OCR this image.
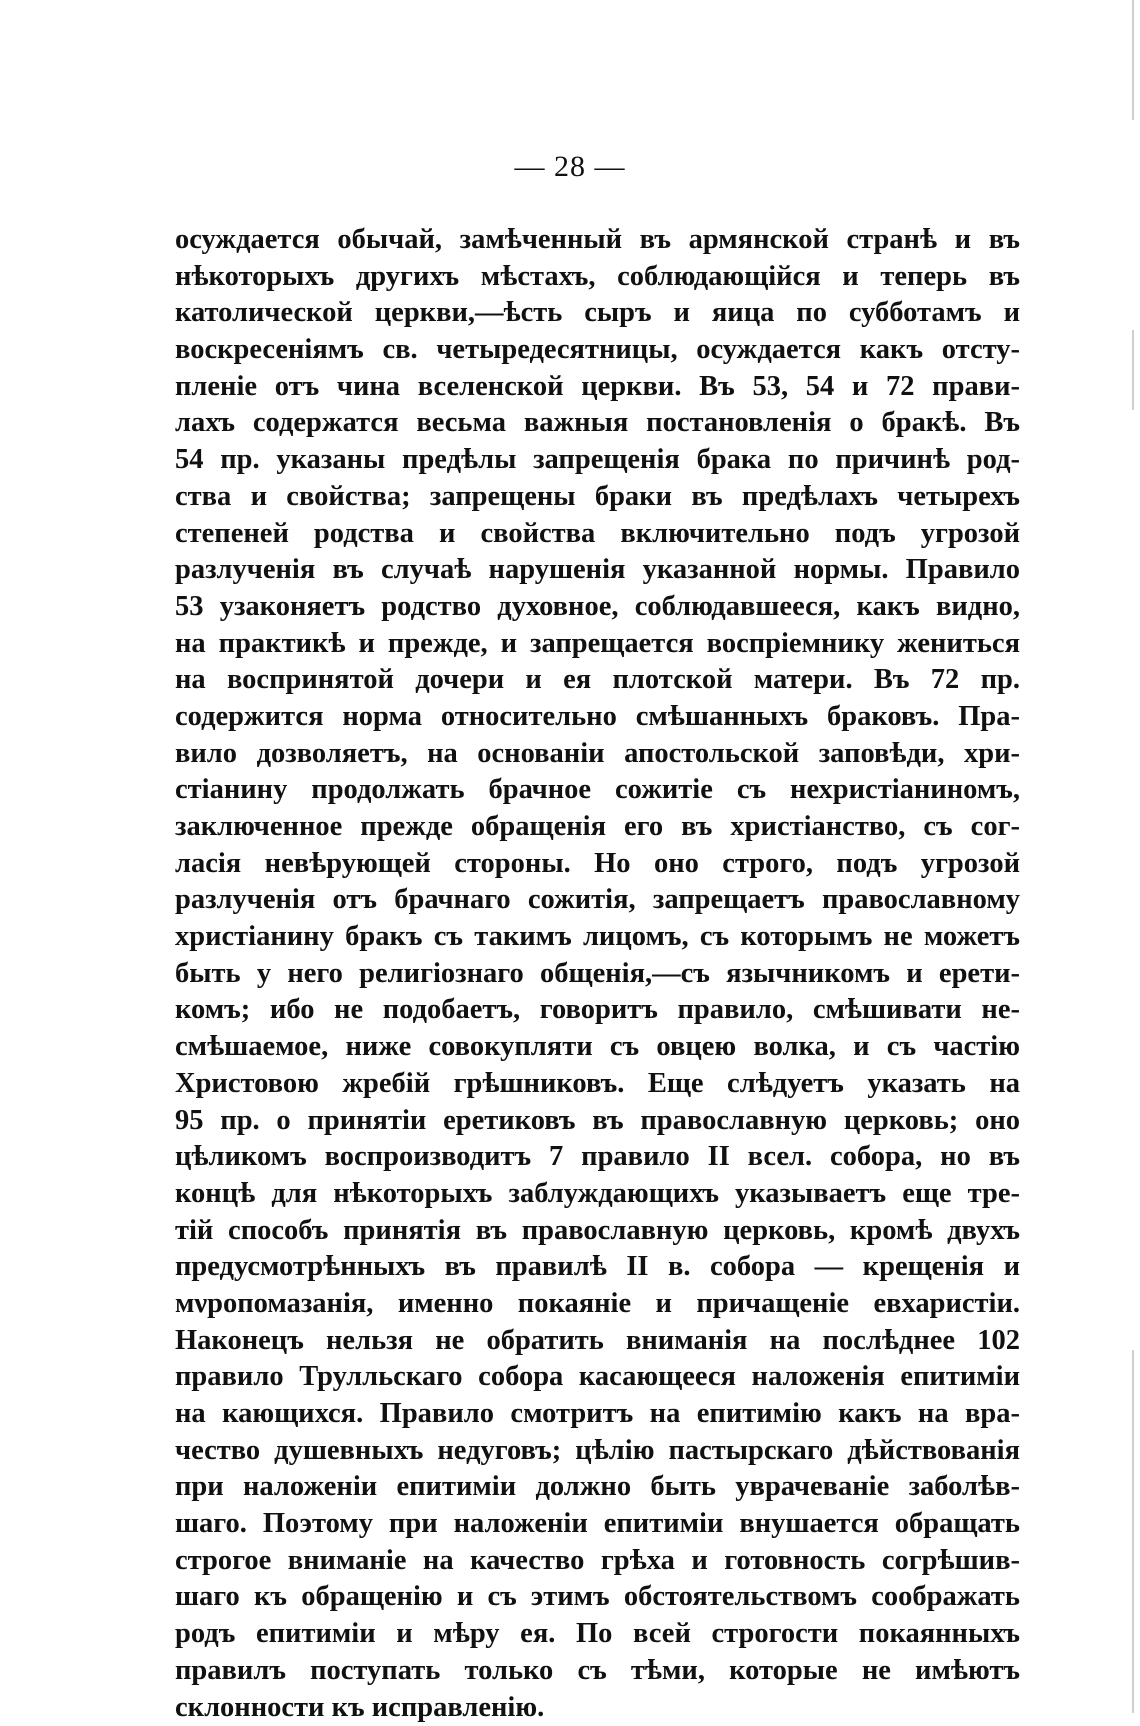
— 28 —
осуждается обычай, замѣченный въ армянской странѣ и въ
нѣкоторыхъ другихъ мѣстахъ, соблюдающійся и теперь въ
католической церкви,—ѣсть сыръ и яица по субботамъ и
воскресеніямъ св. четыредесятницы, осуждается какъ отсту-
пленіе отъ чина вселенской церкви. Въ 53, 54 и 72 прави-
лахъ содержатся весьма важныя постановленія о бракѣ. Въ
54 пр. указаны предѣлы запрещенія брака по причинѣ род-
ства и свойства; запрещены браки въ предѣлахъ четырехъ
степеней родства и свойства включительно подъ угрозой
разлученія въ случаѣ нарушенія указанной нормы. Правило
53 узаконяетъ родство духовное, соблюдавшееся, какъ видно,
на практикѣ и прежде, и запрещается воспріемнику жениться
на воспринятой дочери и ея плотской матери. Въ 72 пр.
содержится норма относительно смѣшанныхъ браковъ. Пра-
вило дозволяетъ, на основаніи апостольской заповѣди, хри-
стіанину продолжать брачное сожитіе съ нехристіаниномъ,
заключенное прежде обращенія его въ христіанство, съ сог-
ласія невѣрующей стороны. Но оно строго, подъ угрозой
разлученія отъ брачнаго сожитія, запрещаетъ православному
христіанину бракъ съ такимъ лицомъ, съ которымъ не можетъ
быть у него религіознаго общенія,—съ язычникомъ и ерети-
комъ; ибо не подобаетъ, говоритъ правило, смѣшивати не-
смѣшаемое, ниже совокупляти съ овцею волка, и съ частію
Христовою жребій грѣшниковъ. Еще слѣдуетъ указать на
95 пр. о принятіи еретиковъ въ православную церковь; оно
цѣликомъ воспроизводитъ 7 правило II всел. собора, но въ
концѣ для нѣкоторыхъ заблуждающихъ указываетъ еще тре-
тій способъ принятія въ православную церковь, кромѣ двухъ
предусмотрѣнныхъ въ правилѣ II в. собора — крещенія и
мνропомазанія, именно покаяніе и причащеніе евхаристіи.
Наконецъ нельзя не обратить вниманія на послѣднее 102
правило Трулльскаго собора касающееся наложенія епитиміи
на кающихся. Правило смотритъ на епитимію какъ на вра-
чество душевныхъ недуговъ; цѣлію пастырскаго дѣйствованія
при наложеніи епитиміи должно быть уврачеваніе заболѣв-
шаго. Поэтому при наложеніи епитиміи внушается обращать
строгое вниманіе на качество грѣха и готовность согрѣшив-
шаго къ обращенію и съ этимъ обстоятельствомъ соображать
родъ епитиміи и мѣру ея. По всей строгости покаянныхъ
правилъ поступать только съ тѣми, которые не имѣютъ
склонности къ исправленію.
